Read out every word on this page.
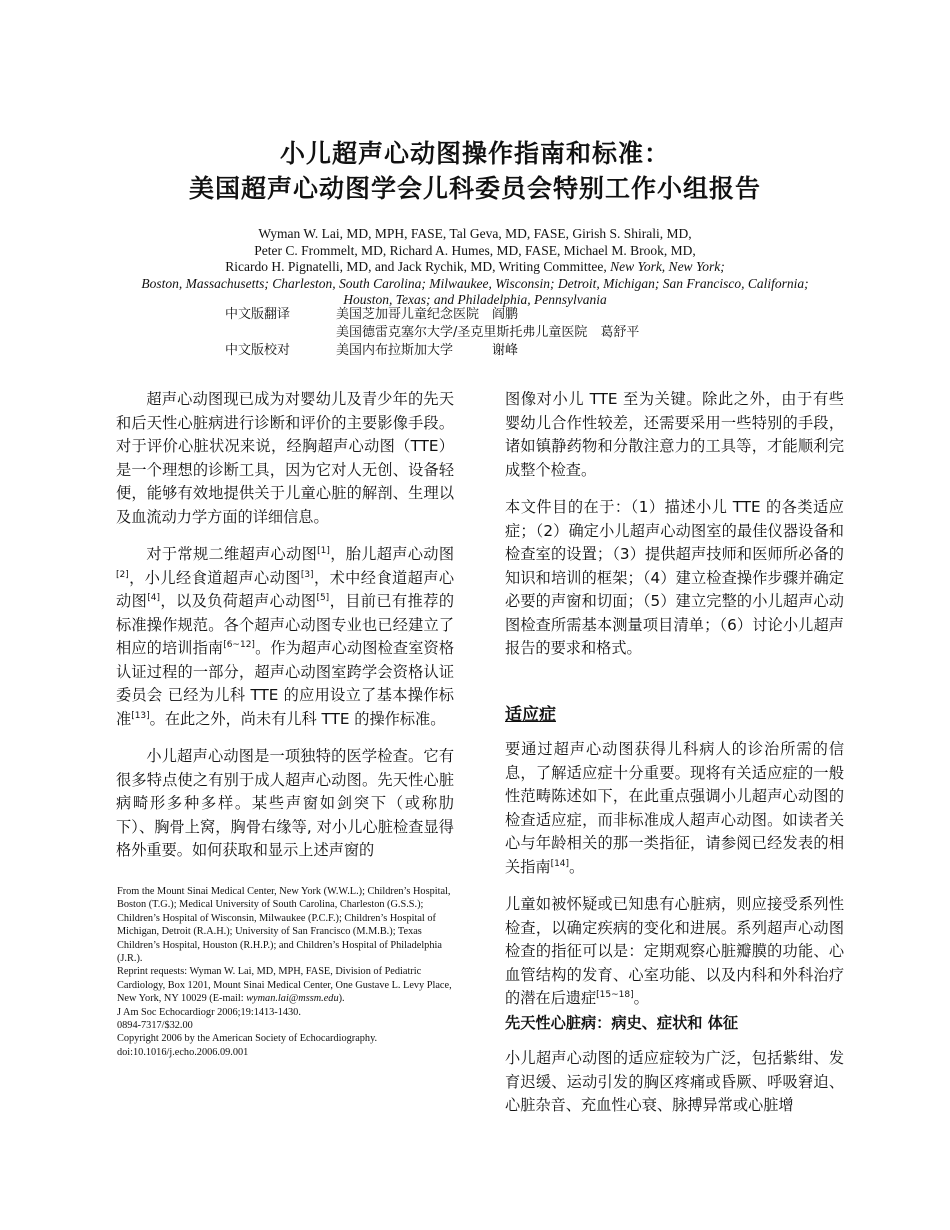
小儿超声心动图操作指南和标准：
美国超声心动图学会儿科委员会特别工作小组报告
Wyman W. Lai, MD, MPH, FASE, Tal Geva, MD, FASE, Girish S. Shirali, MD,
Peter C. Frommelt, MD, Richard A. Humes, MD, FASE, Michael M. Brook, MD,
Ricardo H. Pignatelli, MD, and Jack Rychik, MD, Writing Committee, New York, New York;
Boston, Massachusetts; Charleston, South Carolina; Milwaukee, Wisconsin; Detroit, Michigan; San Francisco, California;
Houston, Texas; and Philadelphia, Pennsylvania
中文版翻译	美国芝加哥儿童纪念医院　阎鹏
美国德雷克塞尔大学/圣克里斯托弗儿童医院　葛舒平
中文版校对	美国内布拉斯加大学　　　谢峰

超声心动图现已成为对婴幼儿及青少年的先天和后天性心脏病进行诊断和评价的主要影像手段。对于评价心脏状况来说，经胸超声心动图（TTE）是一个理想的诊断工具，因为它对人无创、设备轻便，能够有效地提供关于儿童心脏的解剖、生理以及血流动力学方面的详细信息。

对于常规二维超声心动图[1]，胎儿超声心动图[2]，小儿经食道超声心动图[3]，术中经食道超声心动图[4]，以及负荷超声心动图[5]，目前已有推荐的标准操作规范。各个超声心动图专业也已经建立了相应的培训指南[6~12]。作为超声心动图检查室资格认证过程的一部分，超声心动图室跨学会资格认证委员会 已经为儿科 TTE 的应用设立了基本操作标准[13]。在此之外，尚未有儿科 TTE 的操作标准。

小儿超声心动图是一项独特的医学检查。它有很多特点使之有别于成人超声心动图。先天性心脏病畸形多种多样。某些声窗如剑突下（或称肋下）、胸骨上窝，胸骨右缘等, 对小儿心脏检查显得格外重要。如何获取和显示上述声窗的

From the Mount Sinai Medical Center, New York (W.W.L.); Children’s Hospital, Boston (T.G.); Medical University of South Carolina, Charleston (G.S.S.); Children’s Hospital of Wisconsin, Milwaukee (P.C.F.); Children’s Hospital of Michigan, Detroit (R.A.H.); University of San Francisco (M.M.B.); Texas Children’s Hospital, Houston (R.H.P.); and Children’s Hospital of Philadelphia
(J.R.).
Reprint requests: Wyman W. Lai, MD, MPH, FASE, Division of Pediatric Cardiology, Box 1201, Mount Sinai Medical Center, One Gustave L. Levy Place, New York, NY 10029 (E-mail: wyman.lai@mssm.edu).
J Am Soc Echocardiogr 2006;19:1413-1430.
0894-7317/$32.00
Copyright 2006 by the American Society of Echocardiography.
doi:10.1016/j.echo.2006.09.001

图像对小儿 TTE 至为关键。除此之外，由于有些婴幼儿合作性较差，还需要采用一些特别的手段，诸如镇静药物和分散注意力的工具等，才能顺利完成整个检查。

本文件目的在于：（1）描述小儿 TTE 的各类适应症；（2）确定小儿超声心动图室的最佳仪器设备和检查室的设置；（3）提供超声技师和医师所必备的知识和培训的框架；（4）建立检查操作步骤并确定必要的声窗和切面；（5）建立完整的小儿超声心动图检查所需基本测量项目清单；（6）讨论小儿超声报告的要求和格式。

适应症

要通过超声心动图获得儿科病人的诊治所需的信息，了解适应症十分重要。现将有关适应症的一般性范畴陈述如下，在此重点强调小儿超声心动图的检查适应症，而非标准成人超声心动图。如读者关心与年龄相关的那一类指征，请参阅已经发表的相关指南[14]。

儿童如被怀疑或已知患有心脏病，则应接受系列性检查，以确定疾病的变化和进展。系列超声心动图检查的指征可以是：定期观察心脏瓣膜的功能、心血管结构的发育、心室功能、以及内科和外科治疗的潜在后遗症[15~18]。

先天性心脏病：病史、症状和 体征

小儿超声心动图的适应症较为广泛，包括紫绀、发育迟缓、运动引发的胸区疼痛或昏厥、呼吸窘迫、心脏杂音、充血性心衰、脉搏异常或心脏增
